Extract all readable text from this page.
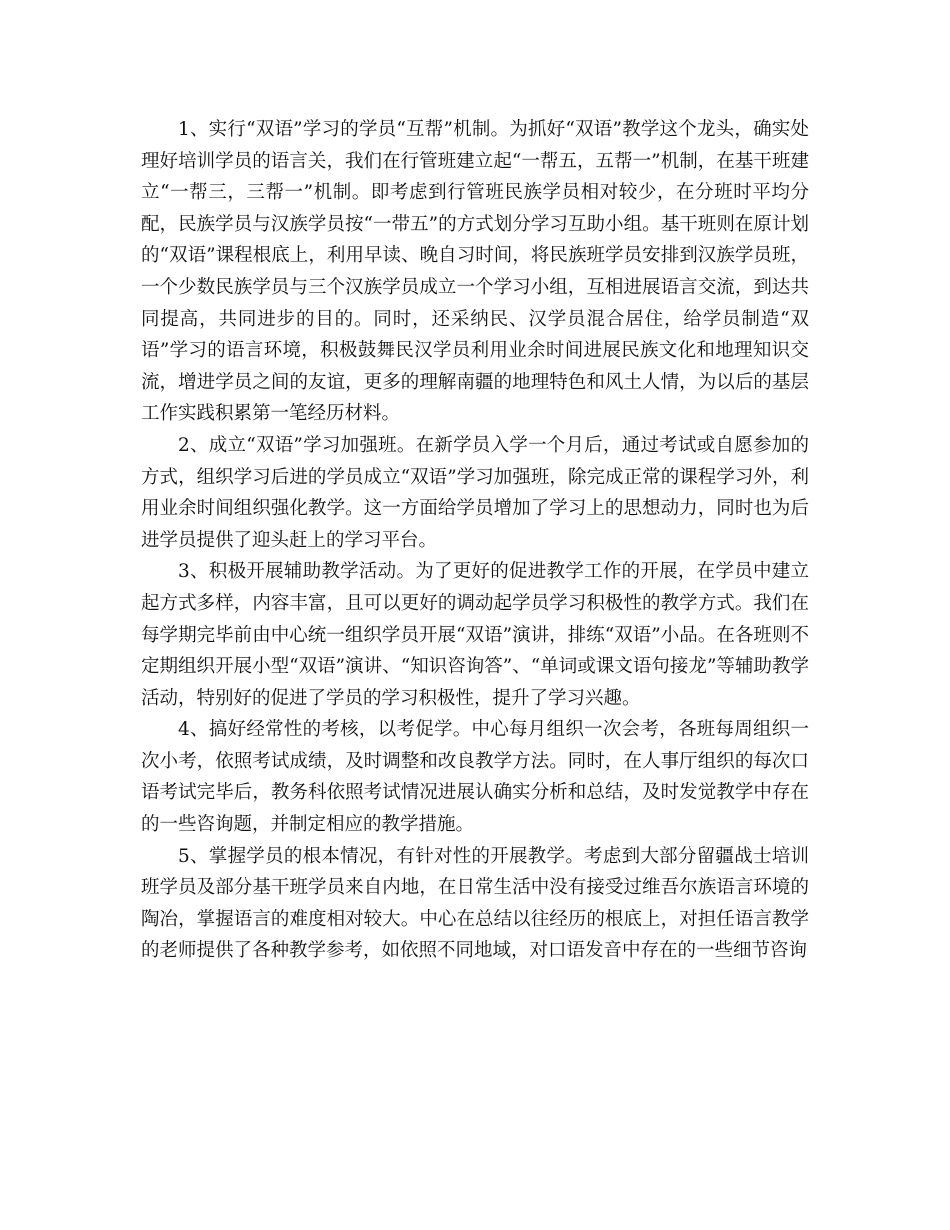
1、实行“双语”学习的学员“互帮”机制。为抓好“双语”教学这个龙头，确实处理好培训学员的语言关，我们在行管班建立起“一帮五，五帮一”机制，在基干班建立“一帮三，三帮一”机制。即考虑到行管班民族学员相对较少，在分班时平均分配，民族学员与汉族学员按“一带五”的方式划分学习互助小组。基干班则在原计划的“双语”课程根底上，利用早读、晚自习时间，将民族班学员安排到汉族学员班，一个少数民族学员与三个汉族学员成立一个学习小组，互相进展语言交流，到达共同提高，共同进步的目的。同时，还采纳民、汉学员混合居住，给学员制造“双语”学习的语言环境，积极鼓舞民汉学员利用业余时间进展民族文化和地理知识交流，增进学员之间的友谊，更多的理解南疆的地理特色和风土人情，为以后的基层工作实践积累第一笔经历材料。

2、成立“双语”学习加强班。在新学员入学一个月后，通过考试或自愿参加的方式，组织学习后进的学员成立“双语”学习加强班，除完成正常的课程学习外，利用业余时间组织强化教学。这一方面给学员增加了学习上的思想动力，同时也为后进学员提供了迎头赶上的学习平台。

3、积极开展辅助教学活动。为了更好的促进教学工作的开展，在学员中建立起方式多样，内容丰富，且可以更好的调动起学员学习积极性的教学方式。我们在每学期完毕前由中心统一组织学员开展“双语”演讲，排练“双语”小品。在各班则不定期组织开展小型“双语”演讲、“知识咨询答”、“单词或课文语句接龙”等辅助教学活动，特别好的促进了学员的学习积极性，提升了学习兴趣。

4、搞好经常性的考核，以考促学。中心每月组织一次会考，各班每周组织一次小考，依照考试成绩，及时调整和改良教学方法。同时，在人事厅组织的每次口语考试完毕后，教务科依照考试情况进展认确实分析和总结，及时发觉教学中存在的一些咨询题，并制定相应的教学措施。

5、掌握学员的根本情况，有针对性的开展教学。考虑到大部分留疆战士培训班学员及部分基干班学员来自内地，在日常生活中没有接受过维吾尔族语言环境的陶冶，掌握语言的难度相对较大。中心在总结以往经历的根底上，对担任语言教学的老师提供了各种教学参考，如依照不同地域，对口语发音中存在的一些细节咨询
